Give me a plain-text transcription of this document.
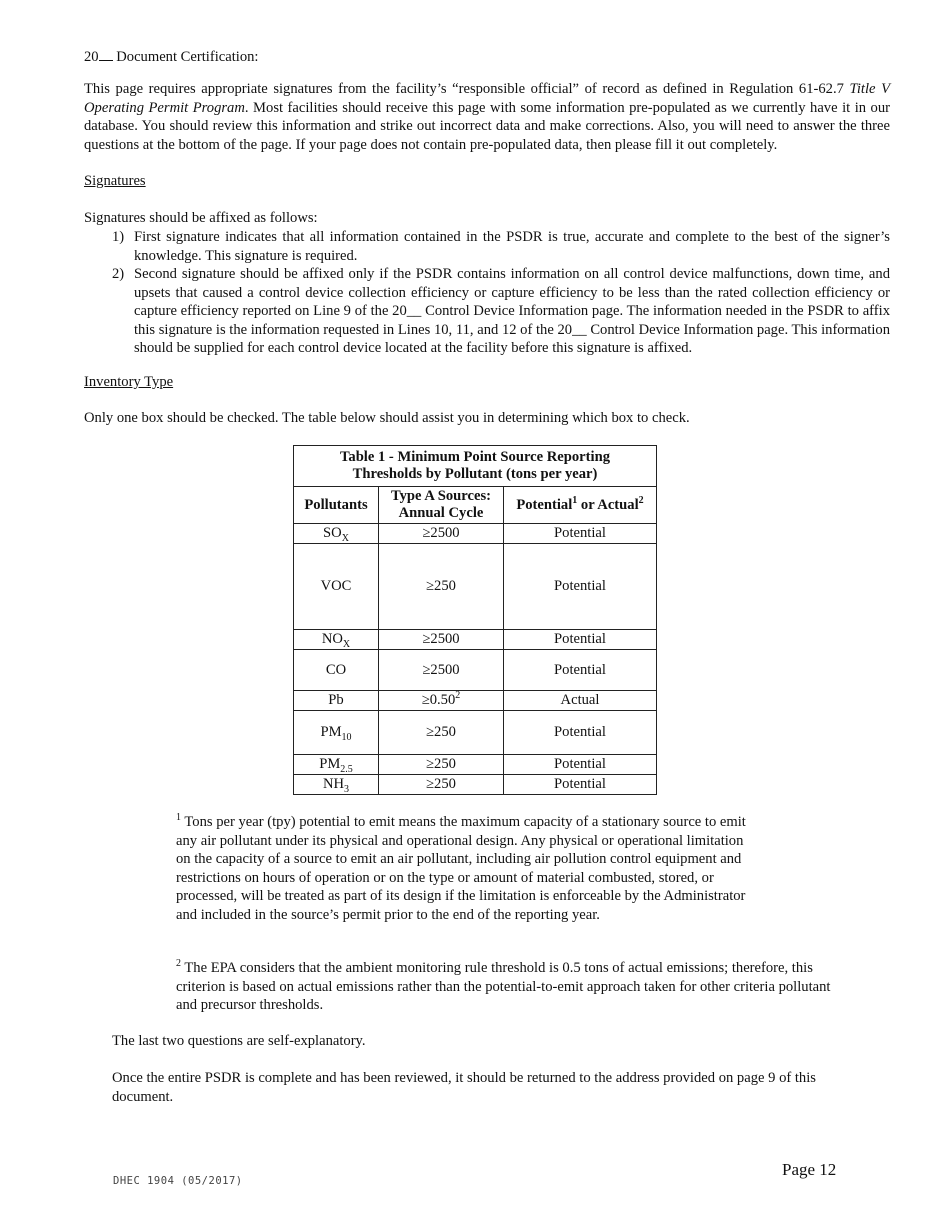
20 Document Certification:
This page requires appropriate signatures from the facility’s “responsible official” of record as defined in Regulation 61-62.7 Title V Operating Permit Program. Most facilities should receive this page with some information pre-populated as we currently have it in our database. You should review this information and strike out incorrect data and make corrections. Also, you will need to answer the three questions at the bottom of the page. If your page does not contain pre-populated data, then please fill it out completely.
Signatures
Signatures should be affixed as follows:
1) First signature indicates that all information contained in the PSDR is true, accurate and complete to the best of the signer’s knowledge. This signature is required.
2) Second signature should be affixed only if the PSDR contains information on all control device malfunctions, down time, and upsets that caused a control device collection efficiency or capture efficiency to be less than the rated collection efficiency or capture efficiency reported on Line 9 of the 20__ Control Device Information page. The information needed in the PSDR to affix this signature is the information requested in Lines 10, 11, and 12 of the 20__ Control Device Information page. This information should be supplied for each control device located at the facility before this signature is affixed.
Inventory Type
Only one box should be checked. The table below should assist you in determining which box to check.
Table 1 - Minimum Point Source Reporting Thresholds by Pollutant (tons per year)		
Pollutants	Type A Sources: Annual Cycle	Potential$^1$ or Actual$^2$
$SO_X$	≥2500	Potential
VOC	≥250	Potential
$NO_X$	≥2500	Potential
CO	≥2500	Potential
Pb	$\ge 0.50^2$	Actual
$PM_{10}$	≥250	Potential
$PM_{2.5}$	≥250	Potential
$NH_3$	≥250	Potential
$^1$ Tons per year (tpy) potential to emit means the maximum capacity of a stationary source to emit any air pollutant under its physical and operational design. Any physical or operational limitation on the capacity of a source to emit an air pollutant, including air pollution control equipment and restrictions on hours of operation or on the type or amount of material combusted, stored, or processed, will be treated as part of its design if the limitation is enforceable by the Administrator and included in the source’s permit prior to the end of the reporting year.
$^2$ The EPA considers that the ambient monitoring rule threshold is 0.5 tons of actual emissions; therefore, this criterion is based on actual emissions rather than the potential-to-emit approach taken for other criteria pollutant and precursor thresholds.
The last two questions are self-explanatory.
Once the entire PSDR is complete and has been reviewed, it should be returned to the address provided on page 9 of this document.
DHEC 1904 (05/2017)
Page 12
